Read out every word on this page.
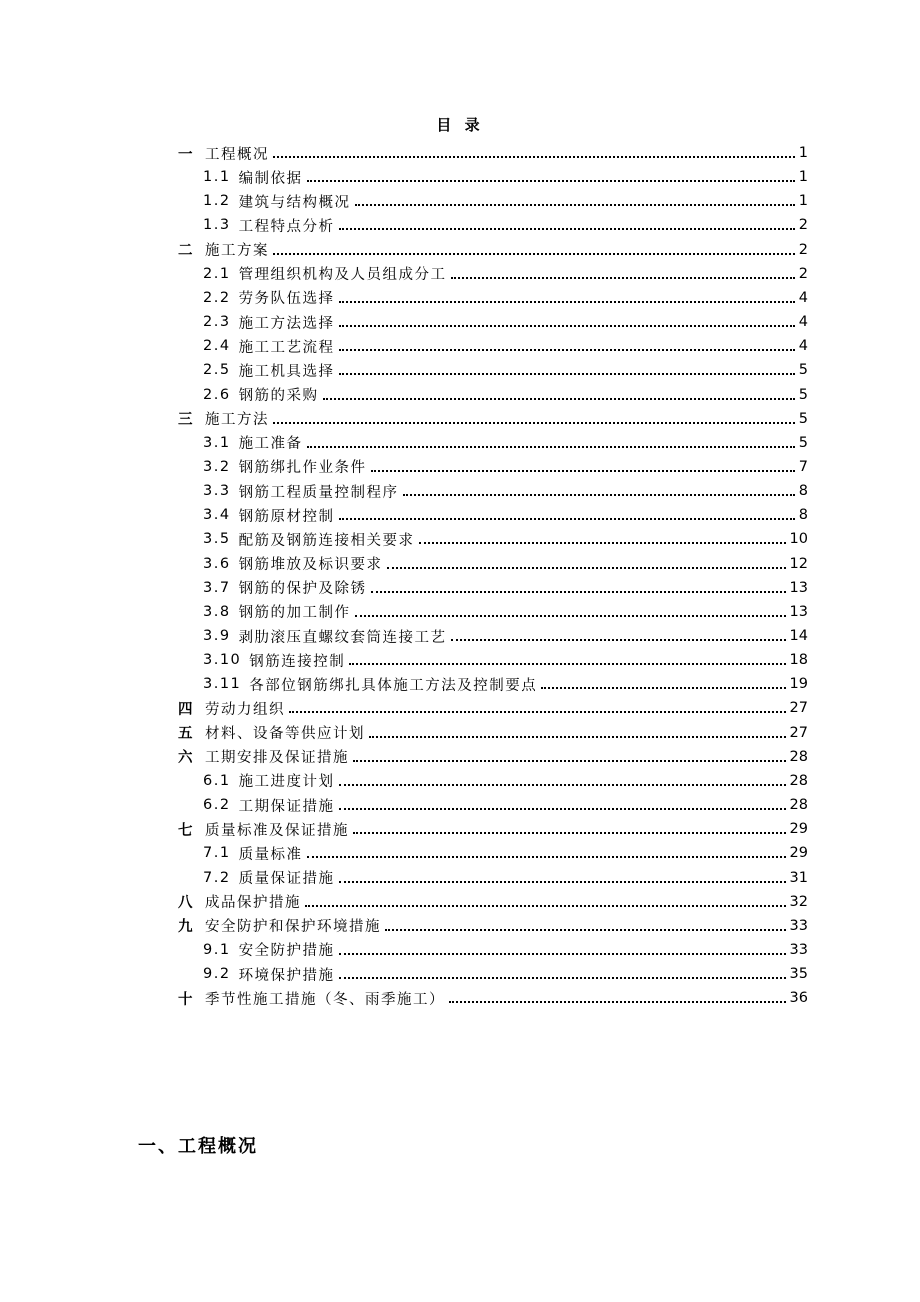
目 录
一 工程概况	1
1.1 编制依据	1
1.2 建筑与结构概况	1
1.3 工程特点分析	2
二 施工方案	2
2.1 管理组织机构及人员组成分工	2
2.2 劳务队伍选择	4
2.3 施工方法选择	4
2.4 施工工艺流程	4
2.5 施工机具选择	5
2.6 钢筋的采购	5
三 施工方法	5
3.1 施工准备	5
3.2 钢筋绑扎作业条件	7
3.3 钢筋工程质量控制程序	8
3.4 钢筋原材控制	8
3.5 配筋及钢筋连接相关要求	10
3.6 钢筋堆放及标识要求	12
3.7 钢筋的保护及除锈	13
3.8 钢筋的加工制作	13
3.9 剥肋滚压直螺纹套筒连接工艺	14
3.10 钢筋连接控制	18
3.11 各部位钢筋绑扎具体施工方法及控制要点	19
四 劳动力组织	27
五 材料、设备等供应计划	27
六 工期安排及保证措施	28
6.1 施工进度计划	28
6.2 工期保证措施	28
七 质量标准及保证措施	29
7.1 质量标准	29
7.2 质量保证措施	31
八 成品保护措施	32
九 安全防护和保护环境措施	33
9.1 安全防护措施	33
9.2 环境保护措施	35
十 季节性施工措施（冬、雨季施工）	36
一、工程概况
